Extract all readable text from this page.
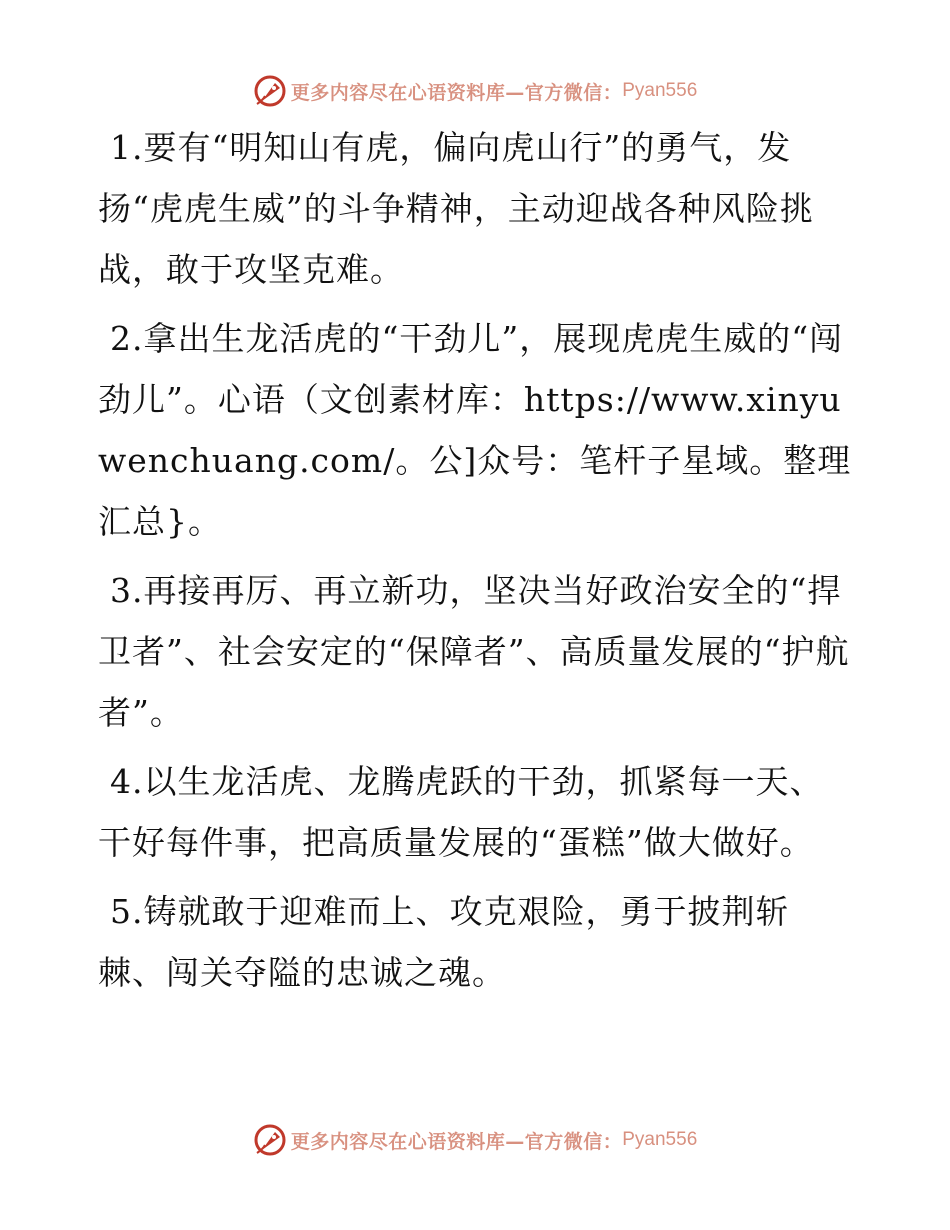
更多内容尽在心语资料库—官方微信： Pyan556

1.要有“明知山有虎，偏向虎山行”的勇气，发扬“虎虎生威”的斗争精神，主动迎战各种风险挑战，敢于攻坚克难。

2.拿出生龙活虎的“干劲儿”，展现虎虎生威的“闯劲儿”。心语（文创素材库：https://www.xinyuwenchuang.com/。公]众号：笔杆子星域。整理汇总}。

3.再接再厉、再立新功，坚决当好政治安全的“捍卫者”、社会安定的“保障者”、高质量发展的“护航者”。

4.以生龙活虎、龙腾虎跃的干劲，抓紧每一天、干好每件事，把高质量发展的“蛋糕”做大做好。

5.铸就敢于迎难而上、攻克艰险，勇于披荆斩棘、闯关夺隘的忠诚之魂。

更多内容尽在心语资料库—官方微信： Pyan556
